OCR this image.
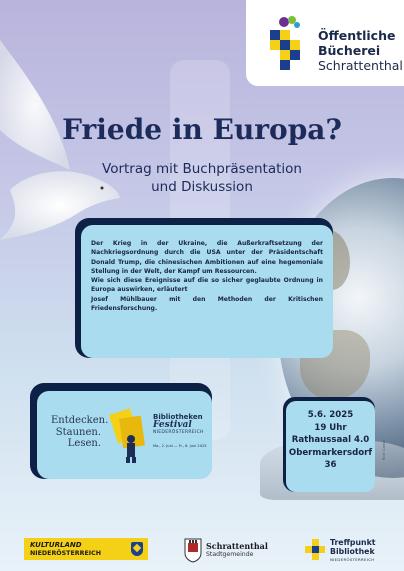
Öffentliche
Bücherei
Schrattenthal
Friede in Europa?
Vortrag mit Buchpräsentation
und Diskussion

Der Krieg in der Ukraine, die Außerkraftsetzung der Nachkriegsordnung durch die USA unter der Präsidentschaft Donald Trump, die chinesischen Ambitionen auf eine hegemoniale Stellung in der Welt, der Kampf um Ressourcen.

Wie sich diese Ereignisse auf die so sicher geglaubte Ordnung in Europa auswirken, erläutert

Josef Mühlbauer mit den Methoden der Kritischen Friedensforschung.

Entdecken.
Staunen.
Lesen.
Bibliotheken
Festival
NIEDERÖSTERREICH
Mo., 2. Juni — Fr., 6. Juni 2025
5.6. 2025
19 Uhr
Rathaussaal 4.0
Obermarkersdorf 36
Bild: Canva
KULTURLAND
NIEDERÖSTERREICH
Schrattenthal
Stadtgemeinde
Treffpunkt
Bibliothek
NIEDERÖSTERREICH
